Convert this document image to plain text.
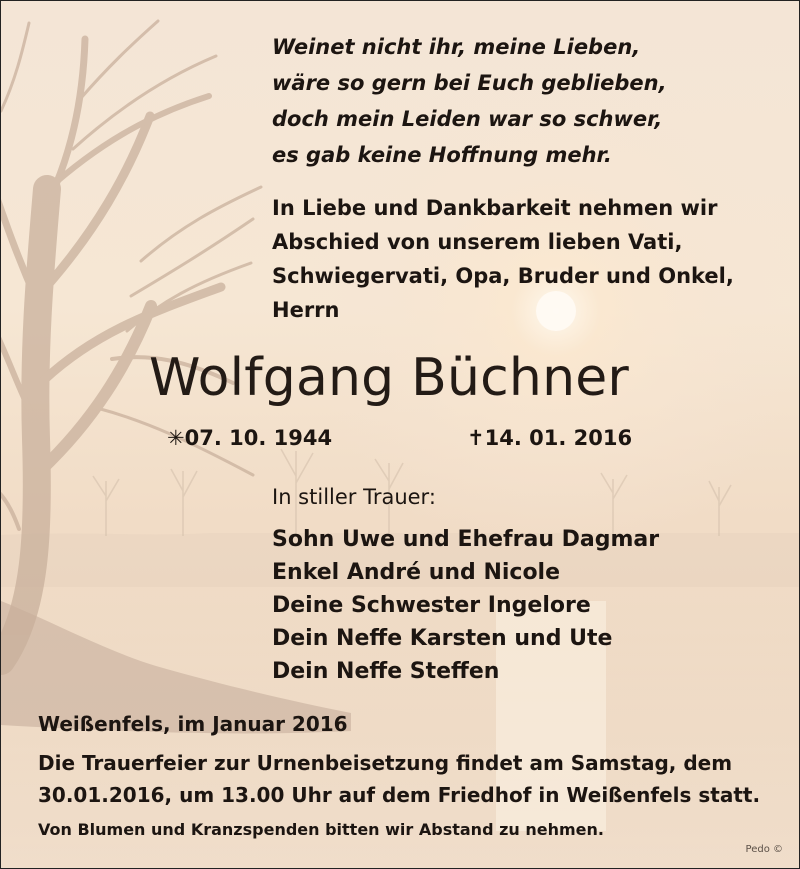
Weinet nicht ihr, meine Lieben,
wäre so gern bei Euch geblieben,
doch mein Leiden war so schwer,
es gab keine Hoffnung mehr.
In Liebe und Dankbarkeit nehmen wir
Abschied von unserem lieben Vati,
Schwiegervati, Opa, Bruder und Onkel,
Herrn
Wolfgang Büchner
✳07. 10. 1944	✝14. 01. 2016
In stiller Trauer:
Sohn Uwe und Ehefrau Dagmar
Enkel André und Nicole
Deine Schwester Ingelore
Dein Neffe Karsten und Ute
Dein Neffe Steffen
Weißenfels, im Januar 2016
Die Trauerfeier zur Urnenbeisetzung findet am Samstag, dem
30.01.2016, um 13.00 Uhr auf dem Friedhof in Weißenfels statt.
Von Blumen und Kranzspenden bitten wir Abstand zu nehmen.
Pedo ©
